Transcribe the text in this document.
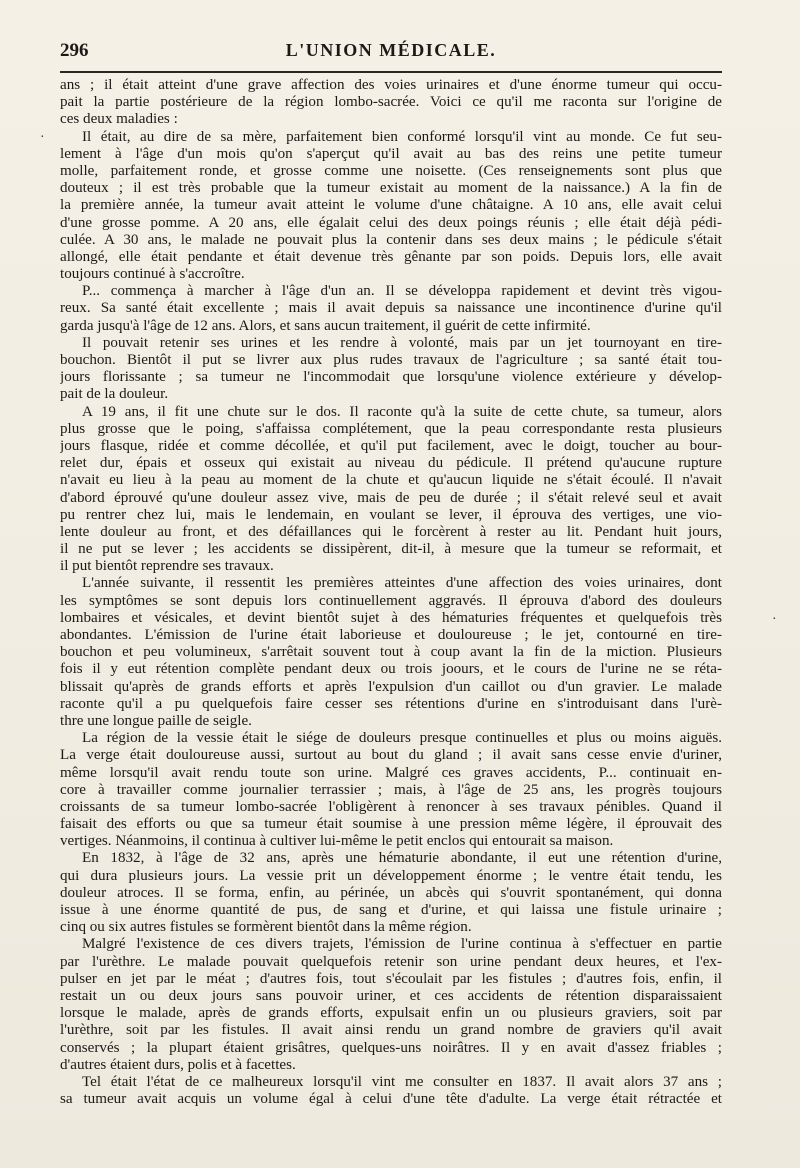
296	L'UNION MÉDICALE.
ans ; il était atteint d'une grave affection des voies urinaires et d'une énorme tumeur qui occu-
pait la partie postérieure de la région lombo-sacrée. Voici ce qu'il me raconta sur l'origine de
ces deux maladies :
Il était, au dire de sa mère, parfaitement bien conformé lorsqu'il vint au monde. Ce fut seu-
lement à l'âge d'un mois qu'on s'aperçut qu'il avait au bas des reins une petite tumeur
molle, parfaitement ronde, et grosse comme une noisette. (Ces renseignements sont plus que
douteux ; il est très probable que la tumeur existait au moment de la naissance.) A la fin de
la première année, la tumeur avait atteint le volume d'une châtaigne. A 10 ans, elle avait celui
d'une grosse pomme. A 20 ans, elle égalait celui des deux poings réunis ; elle était déjà pédi-
culée. A 30 ans, le malade ne pouvait plus la contenir dans ses deux mains ; le pédicule s'était
allongé, elle était pendante et était devenue très gênante par son poids. Depuis lors, elle avait
toujours continué à s'accroître.
P... commença à marcher à l'âge d'un an. Il se développa rapidement et devint très vigou-
reux. Sa santé était excellente ; mais il avait depuis sa naissance une incontinence d'urine qu'il
garda jusqu'à l'âge de 12 ans. Alors, et sans aucun traitement, il guérit de cette infirmité.
Il pouvait retenir ses urines et les rendre à volonté, mais par un jet tournoyant en tire-
bouchon. Bientôt il put se livrer aux plus rudes travaux de l'agriculture ; sa santé était tou-
jours florissante ; sa tumeur ne l'incommodait que lorsqu'une violence extérieure y dévelop-
pait de la douleur.
A 19 ans, il fit une chute sur le dos. Il raconte qu'à la suite de cette chute, sa tumeur, alors
plus grosse que le poing, s'affaissa complétement, que la peau correspondante resta plusieurs
jours flasque, ridée et comme décollée, et qu'il put facilement, avec le doigt, toucher au bour-
relet dur, épais et osseux qui existait au niveau du pédicule. Il prétend qu'aucune rupture
n'avait eu lieu à la peau au moment de la chute et qu'aucun liquide ne s'était écoulé. Il n'avait
d'abord éprouvé qu'une douleur assez vive, mais de peu de durée ; il s'était relevé seul et avait
pu rentrer chez lui, mais le lendemain, en voulant se lever, il éprouva des vertiges, une vio-
lente douleur au front, et des défaillances qui le forcèrent à rester au lit. Pendant huit jours,
il ne put se lever ; les accidents se dissipèrent, dit-il, à mesure que la tumeur se reformait, et
il put bientôt reprendre ses travaux.
L'année suivante, il ressentit les premières atteintes d'une affection des voies urinaires, dont
les symptômes se sont depuis lors continuellement aggravés. Il éprouva d'abord des douleurs
lombaires et vésicales, et devint bientôt sujet à des hématuries fréquentes et quelquefois très
abondantes. L'émission de l'urine était laborieuse et douloureuse ; le jet, contourné en tire-
bouchon et peu volumineux, s'arrêtait souvent tout à coup avant la fin de la miction. Plusieurs
fois il y eut rétention complète pendant deux ou trois joours, et le cours de l'urine ne se réta-
blissait qu'après de grands efforts et après l'expulsion d'un caillot ou d'un gravier. Le malade
raconte qu'il a pu quelquefois faire cesser ses rétentions d'urine en s'introduisant dans l'urè-
thre une longue paille de seigle.
La région de la vessie était le siége de douleurs presque continuelles et plus ou moins aiguës.
La verge était douloureuse aussi, surtout au bout du gland ; il avait sans cesse envie d'uriner,
même lorsqu'il avait rendu toute son urine. Malgré ces graves accidents, P... continuait en-
core à travailler comme journalier terrassier ; mais, à l'âge de 25 ans, les progrès toujours
croissants de sa tumeur lombo-sacrée l'obligèrent à renoncer à ses travaux pénibles. Quand il
faisait des efforts ou que sa tumeur était soumise à une pression même légère, il éprouvait des
vertiges. Néanmoins, il continua à cultiver lui-même le petit enclos qui entourait sa maison.
En 1832, à l'âge de 32 ans, après une hématurie abondante, il eut une rétention d'urine,
qui dura plusieurs jours. La vessie prit un développement énorme ; le ventre était tendu, les
douleur atroces. Il se forma, enfin, au périnée, un abcès qui s'ouvrit spontanément, qui donna
issue à une énorme quantité de pus, de sang et d'urine, et qui laissa une fistule urinaire ;
cinq ou six autres fistules se formèrent bientôt dans la même région.
Malgré l'existence de ces divers trajets, l'émission de l'urine continua à s'effectuer en partie
par l'urèthre. Le malade pouvait quelquefois retenir son urine pendant deux heures, et l'ex-
pulser en jet par le méat ; d'autres fois, tout s'écoulait par les fistules ; d'autres fois, enfin, il
restait un ou deux jours sans pouvoir uriner, et ces accidents de rétention disparaissaient
lorsque le malade, après de grands efforts, expulsait enfin un ou plusieurs graviers, soit par
l'urèthre, soit par les fistules. Il avait ainsi rendu un grand nombre de graviers qu'il avait
conservés ; la plupart étaient grisâtres, quelques-uns noirâtres. Il y en avait d'assez friables ;
d'autres étaient durs, polis et à facettes.
Tel était l'état de ce malheureux lorsqu'il vint me consulter en 1837. Il avait alors 37 ans ;
sa tumeur avait acquis un volume égal à celui d'une tête d'adulte. La verge était rétractée et
·
·
